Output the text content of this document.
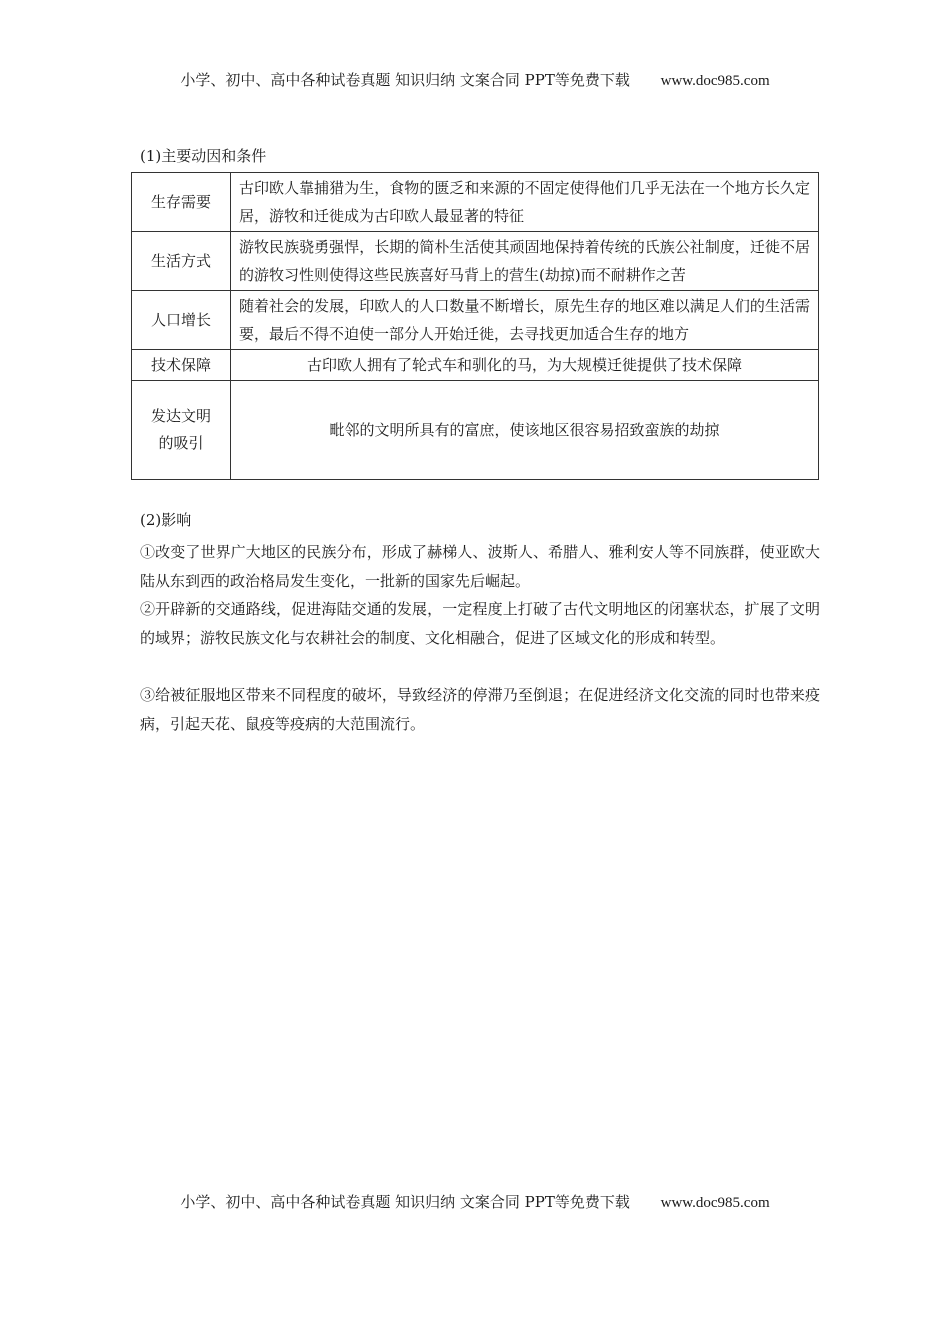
小学、初中、高中各种试卷真题 知识归纳 文案合同 PPT等免费下载 www.doc985.com
(1)主要动因和条件
生存需要	古印欧人靠捕猎为生，食物的匮乏和来源的不固定使得他们几乎无法在一个地方长久定居，游牧和迁徙成为古印欧人最显著的特征
生活方式	游牧民族骁勇强悍，长期的简朴生活使其顽固地保持着传统的氏族公社制度，迁徙不居的游牧习性则使得这些民族喜好马背上的营生(劫掠)而不耐耕作之苦
人口增长	随着社会的发展，印欧人的人口数量不断增长，原先生存的地区难以满足人们的生活需要，最后不得不迫使一部分人开始迁徙，去寻找更加适合生存的地方
技术保障	古印欧人拥有了轮式车和驯化的马，为大规模迁徙提供了技术保障

发达文明
的吸引	毗邻的文明所具有的富庶，使该地区很容易招致蛮族的劫掠
(2)影响
①改变了世界广大地区的民族分布，形成了赫梯人、波斯人、希腊人、雅利安人等不同族群，使亚欧大陆从东到西的政治格局发生变化，一批新的国家先后崛起。
②开辟新的交通路线，促进海陆交通的发展，一定程度上打破了古代文明地区的闭塞状态，扩展了文明的域界；游牧民族文化与农耕社会的制度、文化相融合，促进了区域文化的形成和转型。
③给被征服地区带来不同程度的破坏，导致经济的停滞乃至倒退；在促进经济文化交流的同时也带来疫病，引起天花、鼠疫等疫病的大范围流行。
小学、初中、高中各种试卷真题 知识归纳 文案合同 PPT等免费下载 www.doc985.com
